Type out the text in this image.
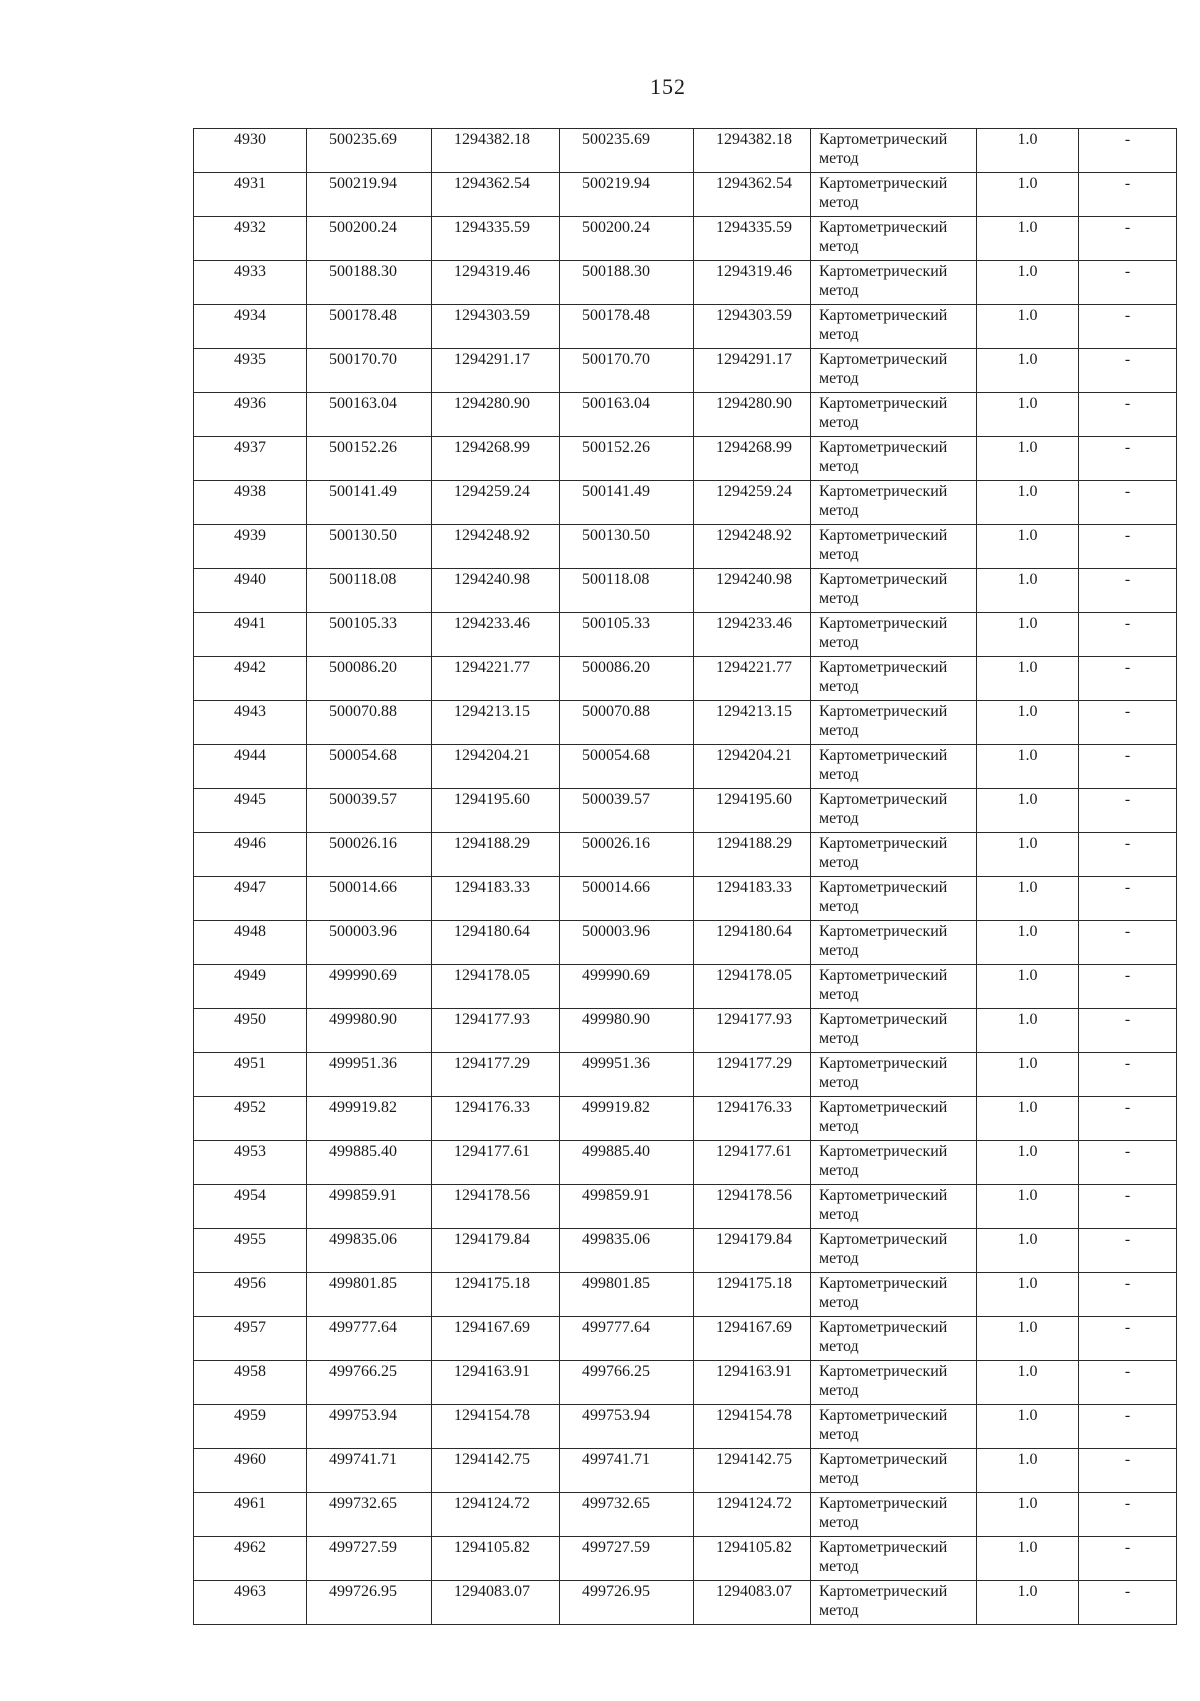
152
4930	500235.69	1294382.18	500235.69	1294382.18	Картометрический метод	1.0	-
4931	500219.94	1294362.54	500219.94	1294362.54	Картометрический метод	1.0	-
4932	500200.24	1294335.59	500200.24	1294335.59	Картометрический метод	1.0	-
4933	500188.30	1294319.46	500188.30	1294319.46	Картометрический метод	1.0	-
4934	500178.48	1294303.59	500178.48	1294303.59	Картометрический метод	1.0	-
4935	500170.70	1294291.17	500170.70	1294291.17	Картометрический метод	1.0	-
4936	500163.04	1294280.90	500163.04	1294280.90	Картометрический метод	1.0	-
4937	500152.26	1294268.99	500152.26	1294268.99	Картометрический метод	1.0	-
4938	500141.49	1294259.24	500141.49	1294259.24	Картометрический метод	1.0	-
4939	500130.50	1294248.92	500130.50	1294248.92	Картометрический метод	1.0	-
4940	500118.08	1294240.98	500118.08	1294240.98	Картометрический метод	1.0	-
4941	500105.33	1294233.46	500105.33	1294233.46	Картометрический метод	1.0	-
4942	500086.20	1294221.77	500086.20	1294221.77	Картометрический метод	1.0	-
4943	500070.88	1294213.15	500070.88	1294213.15	Картометрический метод	1.0	-
4944	500054.68	1294204.21	500054.68	1294204.21	Картометрический метод	1.0	-
4945	500039.57	1294195.60	500039.57	1294195.60	Картометрический метод	1.0	-
4946	500026.16	1294188.29	500026.16	1294188.29	Картометрический метод	1.0	-
4947	500014.66	1294183.33	500014.66	1294183.33	Картометрический метод	1.0	-
4948	500003.96	1294180.64	500003.96	1294180.64	Картометрический метод	1.0	-
4949	499990.69	1294178.05	499990.69	1294178.05	Картометрический метод	1.0	-
4950	499980.90	1294177.93	499980.90	1294177.93	Картометрический метод	1.0	-
4951	499951.36	1294177.29	499951.36	1294177.29	Картометрический метод	1.0	-
4952	499919.82	1294176.33	499919.82	1294176.33	Картометрический метод	1.0	-
4953	499885.40	1294177.61	499885.40	1294177.61	Картометрический метод	1.0	-
4954	499859.91	1294178.56	499859.91	1294178.56	Картометрический метод	1.0	-
4955	499835.06	1294179.84	499835.06	1294179.84	Картометрический метод	1.0	-
4956	499801.85	1294175.18	499801.85	1294175.18	Картометрический метод	1.0	-
4957	499777.64	1294167.69	499777.64	1294167.69	Картометрический метод	1.0	-
4958	499766.25	1294163.91	499766.25	1294163.91	Картометрический метод	1.0	-
4959	499753.94	1294154.78	499753.94	1294154.78	Картометрический метод	1.0	-
4960	499741.71	1294142.75	499741.71	1294142.75	Картометрический метод	1.0	-
4961	499732.65	1294124.72	499732.65	1294124.72	Картометрический метод	1.0	-
4962	499727.59	1294105.82	499727.59	1294105.82	Картометрический метод	1.0	-
4963	499726.95	1294083.07	499726.95	1294083.07	Картометрический метод	1.0	-
